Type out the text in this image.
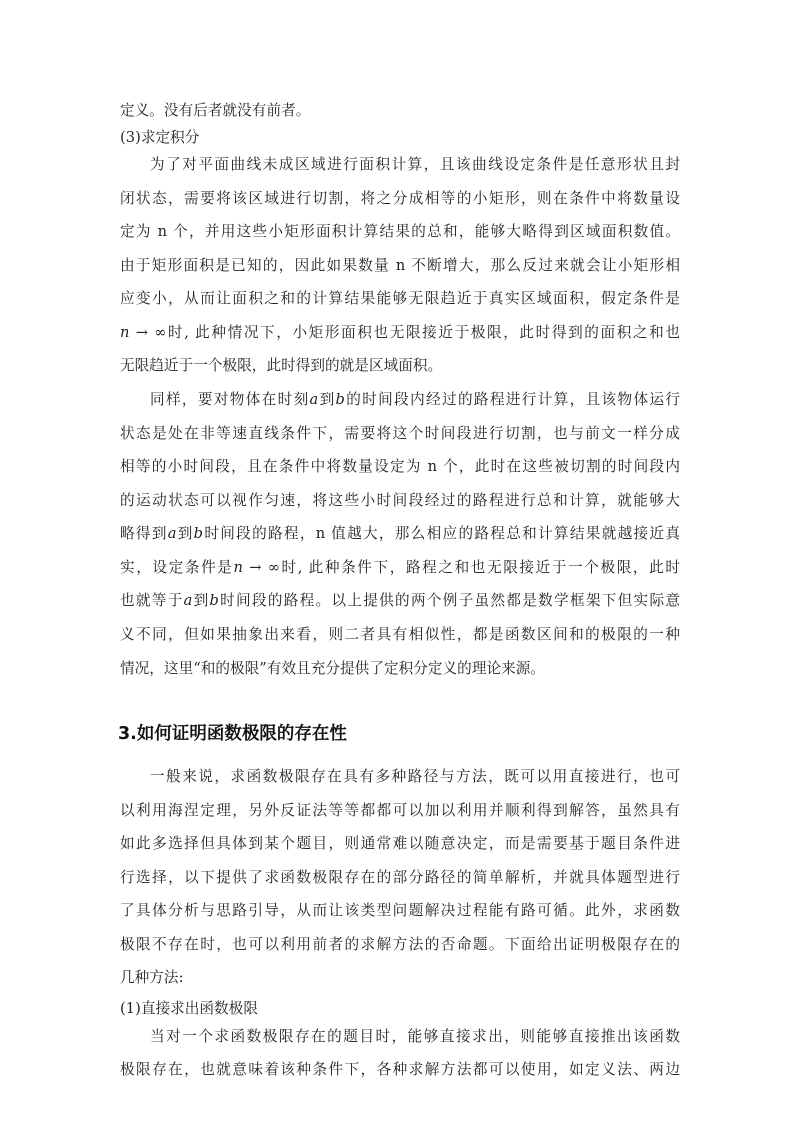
定义。没有后者就没有前者。
(3)求定积分
为了对平面曲线未成区域进行面积计算，且该曲线设定条件是任意形状且封
闭状态，需要将该区域进行切割，将之分成相等的小矩形，则在条件中将数量设
定为 n 个，并用这些小矩形面积计算结果的总和，能够大略得到区域面积数值。
由于矩形面积是已知的，因此如果数量 n 不断增大，那么反过来就会让小矩形相
应变小，从而让面积之和的计算结果能够无限趋近于真实区域面积，假定条件是
𝑛 → ∞时, 此种情况下，小矩形面积也无限接近于极限，此时得到的面积之和也
无限趋近于一个极限，此时得到的就是区域面积。
同样，要对物体在时刻𝑎到𝑏的时间段内经过的路程进行计算，且该物体运行
状态是处在非等速直线条件下，需要将这个时间段进行切割，也与前文一样分成
相等的小时间段，且在条件中将数量设定为 n 个，此时在这些被切割的时间段内
的运动状态可以视作匀速，将这些小时间段经过的路程进行总和计算，就能够大
略得到𝑎到𝑏时间段的路程，n 值越大，那么相应的路程总和计算结果就越接近真
实，设定条件是𝑛 → ∞时, 此种条件下，路程之和也无限接近于一个极限，此时
也就等于𝑎到𝑏时间段的路程。以上提供的两个例子虽然都是数学框架下但实际意
义不同，但如果抽象出来看，则二者具有相似性，都是函数区间和的极限的一种
情况，这里“和的极限”有效且充分提供了定积分定义的理论来源。
3.如何证明函数极限的存在性
一般来说，求函数极限存在具有多种路径与方法，既可以用直接进行，也可
以利用海涅定理，另外反证法等等都都可以加以利用并顺利得到解答，虽然具有
如此多选择但具体到某个题目，则通常难以随意决定，而是需要基于题目条件进
行选择，以下提供了求函数极限存在的部分路径的简单解析，并就具体题型进行
了具体分析与思路引导，从而让该类型问题解决过程能有路可循。此外，求函数
极限不存在时，也可以利用前者的求解方法的否命题。下面给出证明极限存在的
几种方法:
(1)直接求出函数极限
当对一个求函数极限存在的题目时，能够直接求出，则能够直接推出该函数
极限存在，也就意味着该种条件下，各种求解方法都可以使用，如定义法、两边
